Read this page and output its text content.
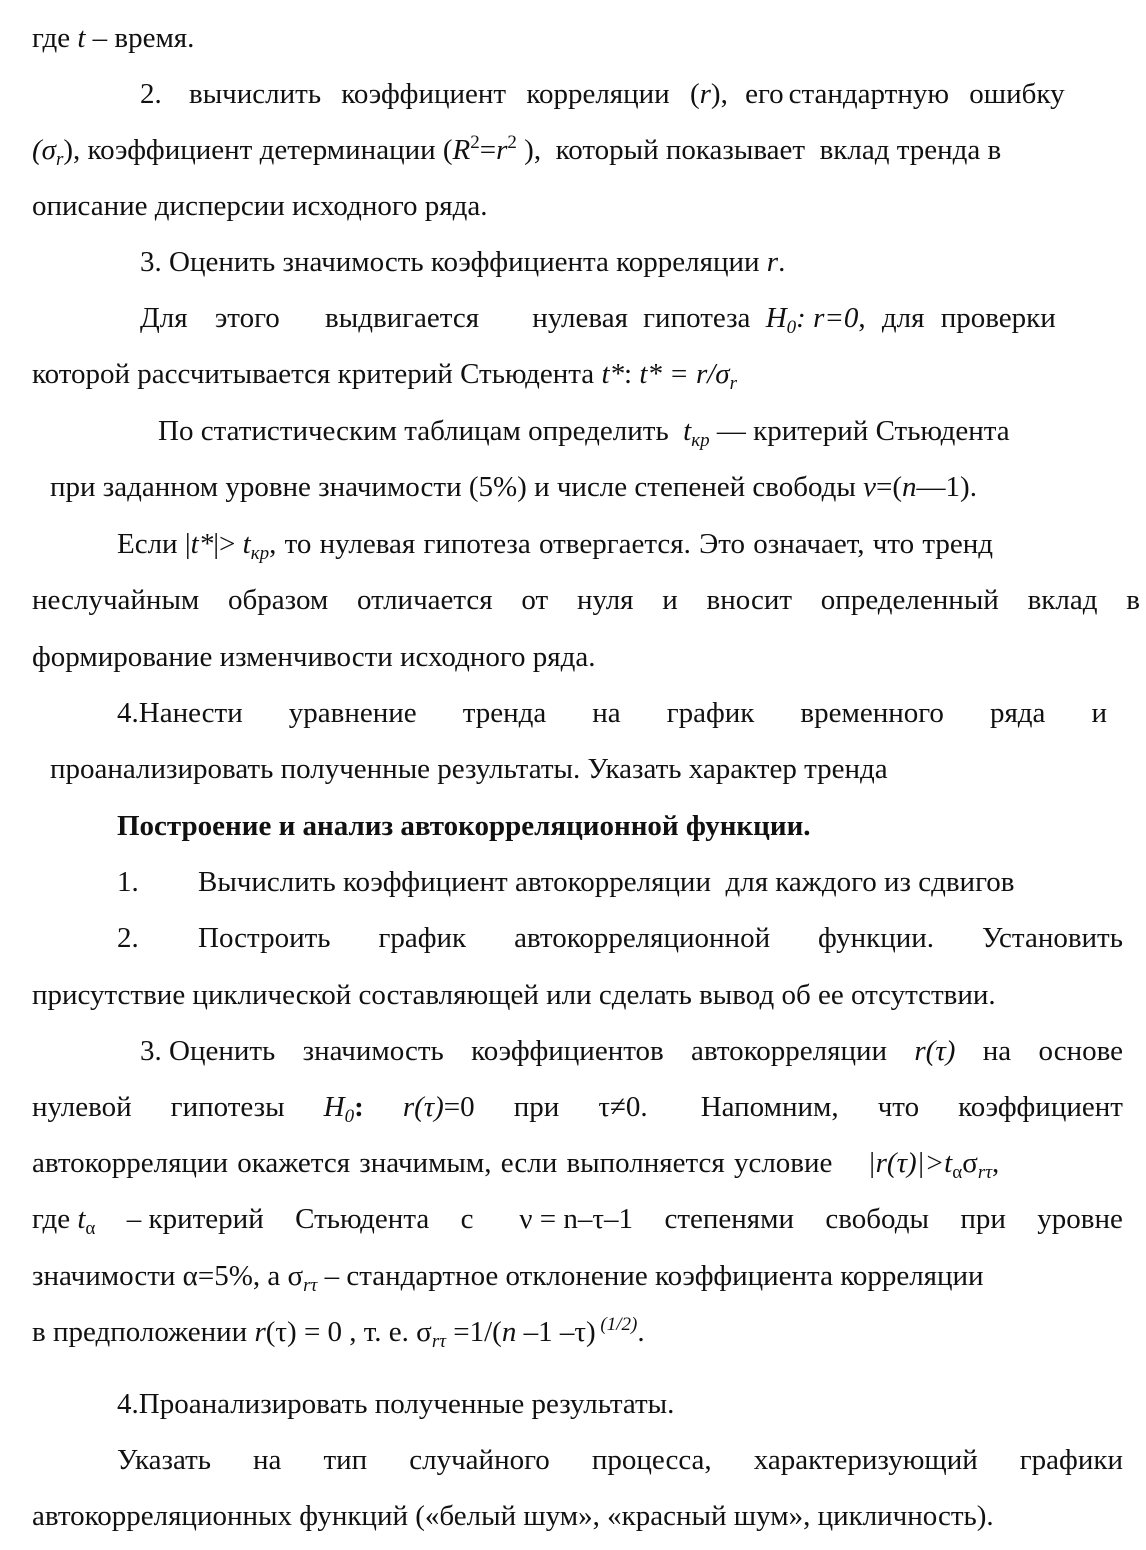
где t – время.
2. вычислить коэффициент корреляции (r), его стандартную ошибку
$(\sigma_r)$, коэффициент детерминации ($R^2=r^2$ ),  который показывает  вклад тренда в
описание дисперсии исходного ряда.
3. Оценить значимость коэффициента корреляции r.
Для этого выдвигается нулевая гипотеза $H_0$: r=0, для проверки
которой рассчитывается критерий Стьюдента t*: $t* = r/\sigma_r$
По статистическим таблицам определить  $t_{кр}$ — критерий Стьюдента
при заданном уровне значимости (5%) и числе степеней свободы v=(n—1).
Если $|t*|> t_{кр}$, то нулевая гипотеза отвергается. Это означает, что тренд
неслучайным образом отличается от нуля и вносит определенный вклад в
формирование изменчивости исходного ряда.
4.Нанести уравнение тренда на график временного ряда и
проанализировать полученные результаты. Указать характер тренда
Построение и анализ автокорреляционной функции.
1. Вычислить коэффициент автокорреляции  для каждого из сдвигов
2.	Построить график автокорреляционной функции. Установить
присутствие циклической составляющей или сделать вывод об ее отсутствии.
3. Оценить значимость коэффициентов автокорреляции r(τ) на основе
нулевой гипотезы $H_0$: r(τ)=0 при τ≠0. Напомним, что коэффициент
автокорреляции окажется значимым, если выполняется условие $|r(\tau)|>t_\alpha\sigma_{r\tau}$,
где $t_\alpha$ – критерий Стьюдента с ν = n–τ–1 степенями свободы при уровне
значимости α=5%, а $\sigma_{r\tau}$ – стандартное отклонение коэффициента корреляции
в предположении r(τ) = 0 , т. е. $\sigma_{r\tau} =1/(n$ –1 –τ) $^{(1/2)}$.
4.Проанализировать полученные результаты.
Указать на тип случайного процесса, характеризующий графики
автокорреляционных функций («белый шум», «красный шум», цикличность).
